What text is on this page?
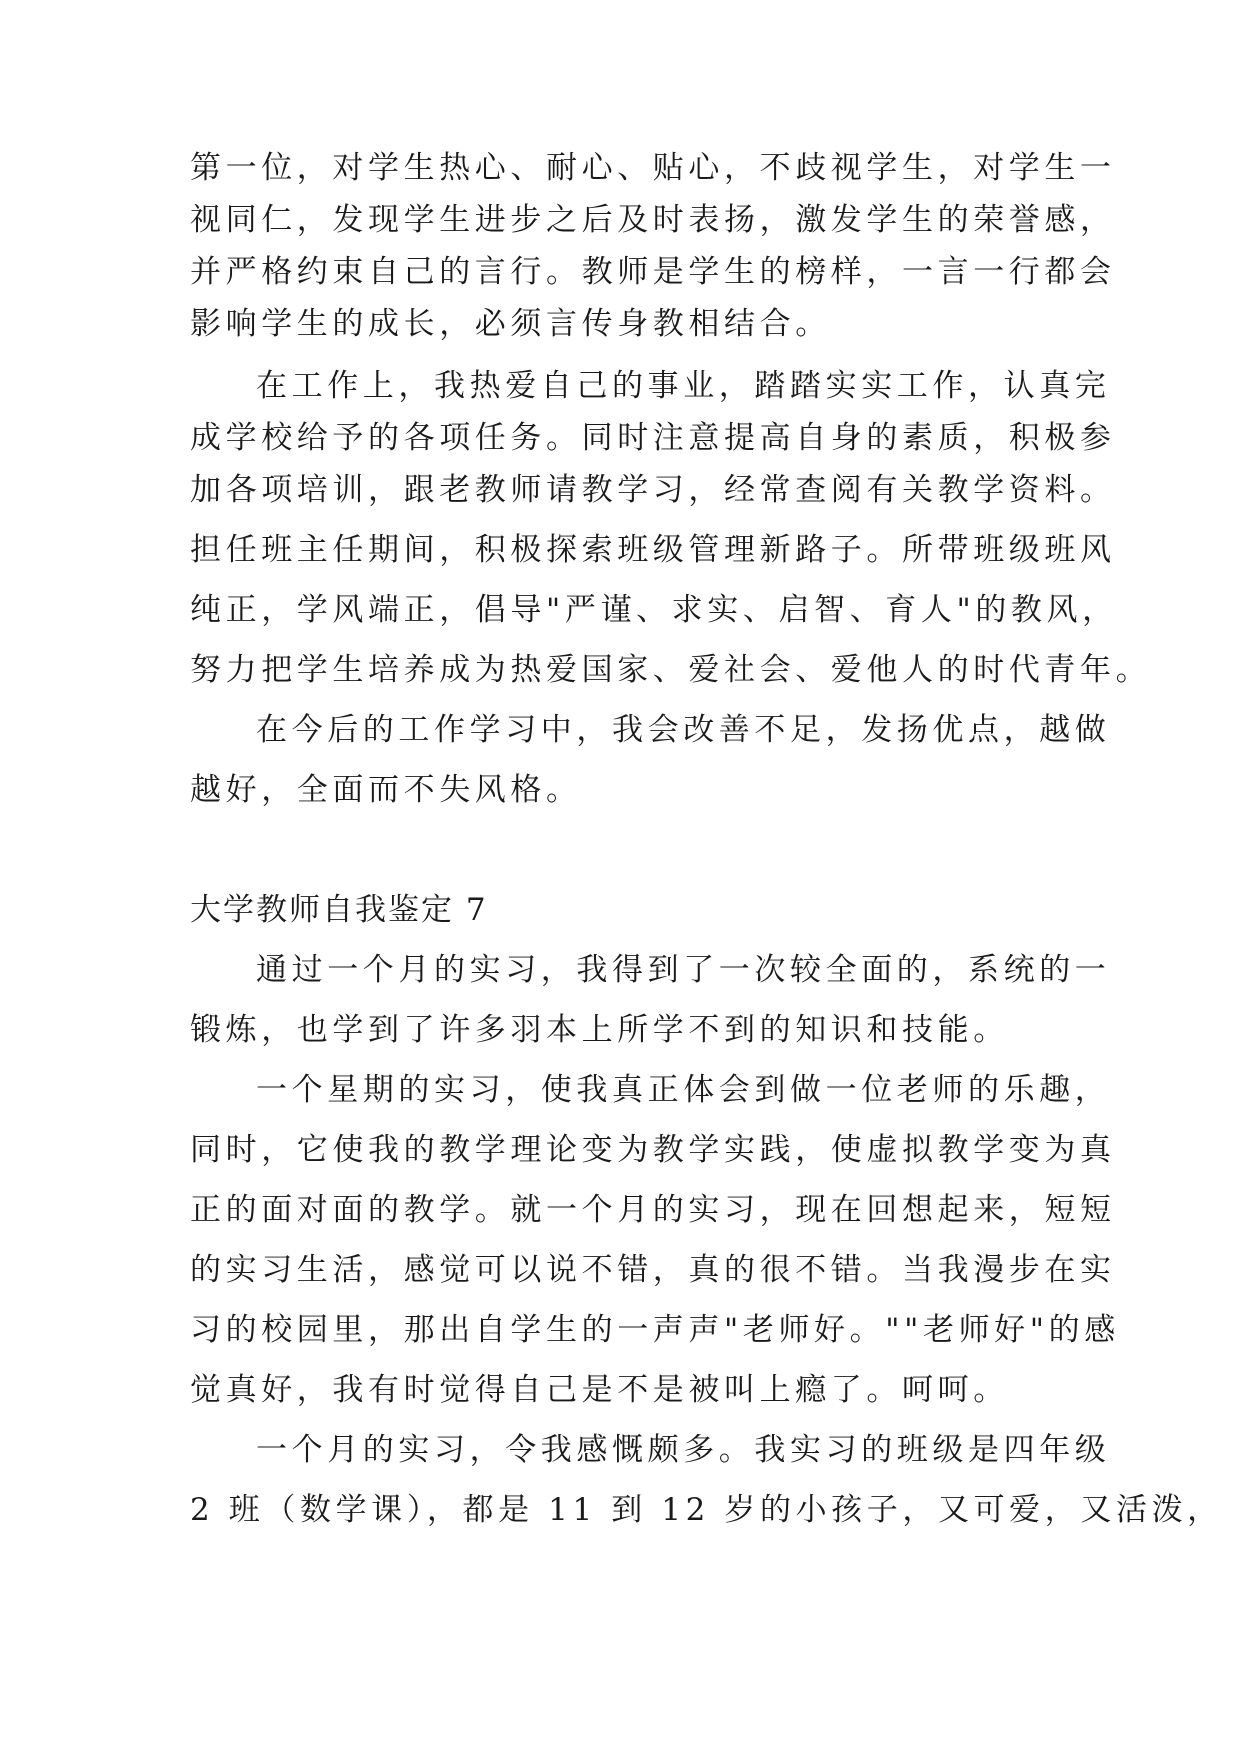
第一位，对学生热心、耐心、贴心，不歧视学生，对学生一
视同仁，发现学生进步之后及时表扬，激发学生的荣誉感，
并严格约束自己的言行。教师是学生的榜样，一言一行都会
影响学生的成长，必须言传身教相结合。
在工作上，我热爱自己的事业，踏踏实实工作，认真完
成学校给予的各项任务。同时注意提高自身的素质，积极参
加各项培训，跟老教师请教学习，经常查阅有关教学资料。
担任班主任期间，积极探索班级管理新路子。所带班级班风
纯正，学风端正，倡导"严谨、求实、启智、育人"的教风，
努力把学生培养成为热爱国家、爱社会、爱他人的时代青年。
在今后的工作学习中，我会改善不足，发扬优点，越做
越好，全面而不失风格。
大学教师自我鉴定 7
通过一个月的实习，我得到了一次较全面的，系统的一
锻炼，也学到了许多羽本上所学不到的知识和技能。
一个星期的实习，使我真正体会到做一位老师的乐趣，
同时，它使我的教学理论变为教学实践，使虚拟教学变为真
正的面对面的教学。就一个月的实习，现在回想起来，短短
的实习生活，感觉可以说不错，真的很不错。当我漫步在实
习的校园里，那出自学生的一声声"老师好。""老师好"的感
觉真好，我有时觉得自己是不是被叫上瘾了。呵呵。
一个月的实习，令我感慨颇多。我实习的班级是四年级
2 班（数学课），都是 11 到 12 岁的小孩子，又可爱，又活泼，
